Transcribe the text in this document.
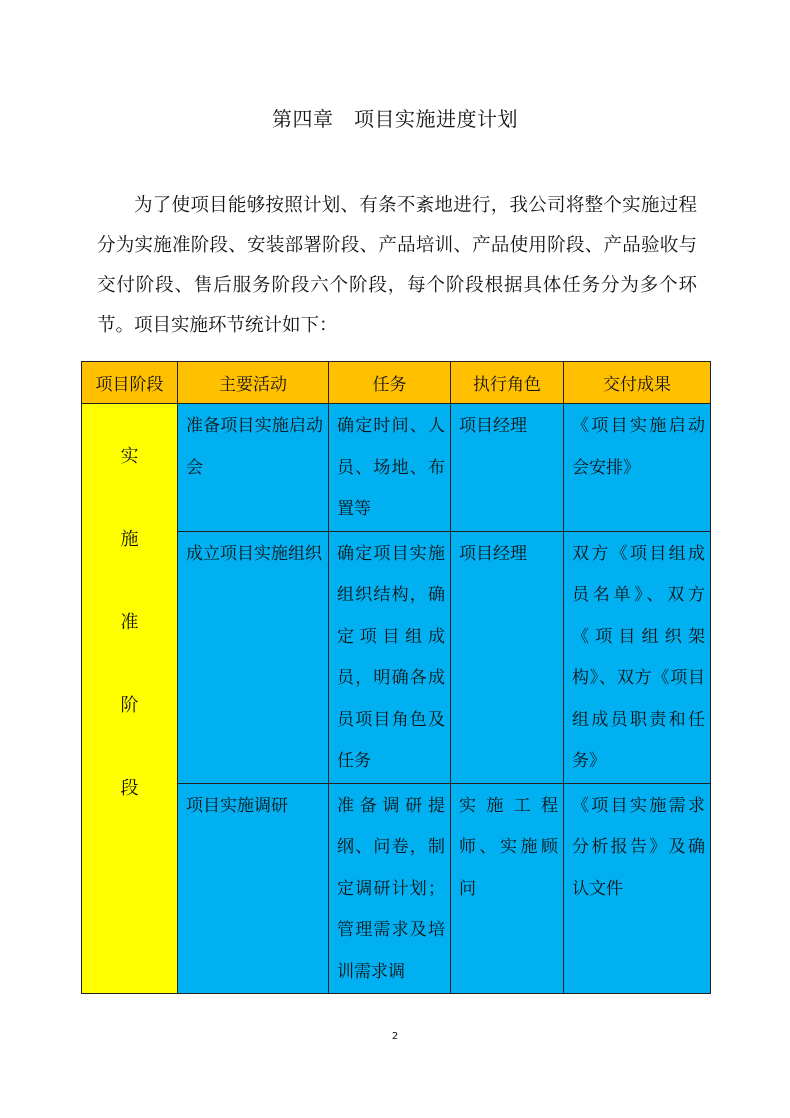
第四章　项目实施进度计划

为了使项目能够按照计划、有条不紊地进行，我公司将整个实施过程分为实施准阶段、安装部署阶段、产品培训、产品使用阶段、产品验收与交付阶段、售后服务阶段六个阶段，每个阶段根据具体任务分为多个环节。项目实施环节统计如下：

项目阶段	主要活动	任务	执行角色	交付成果

实
施
准
阶
段	准备项目实施启动会	确定时间、人员、场地、布置等	项目经理	《项目实施启动会安排》

	成立项目实施组织	确定项目实施组织结构，确定项目组成员，明确各成员项目角色及任务	项目经理	双方《项目组成员名单》、双方《项目组织架构》、双方《项目组成员职责和任务》

	项目实施调研	准备调研提纲、问卷，制定调研计划；管理需求及培训需求调	实施工程师、实施顾问	《项目实施需求分析报告》及确认文件
2
